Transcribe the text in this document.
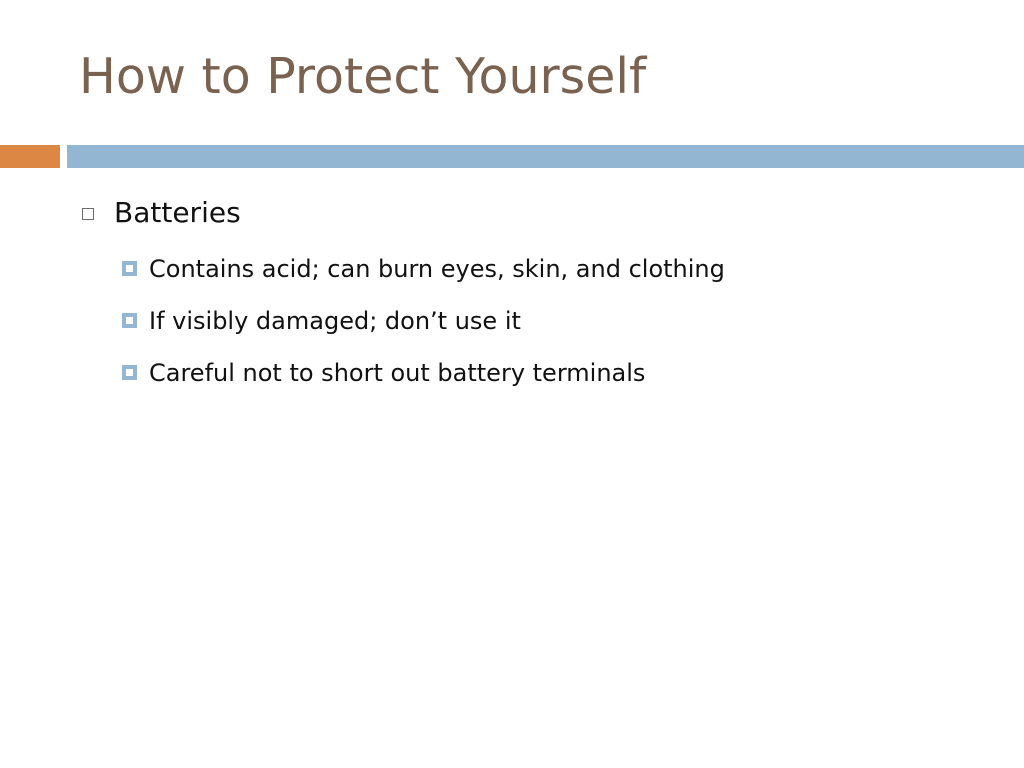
How to Protect Yourself
Batteries
Contains acid; can burn eyes, skin, and clothing
If visibly damaged; don’t use it
Careful not to short out battery terminals
